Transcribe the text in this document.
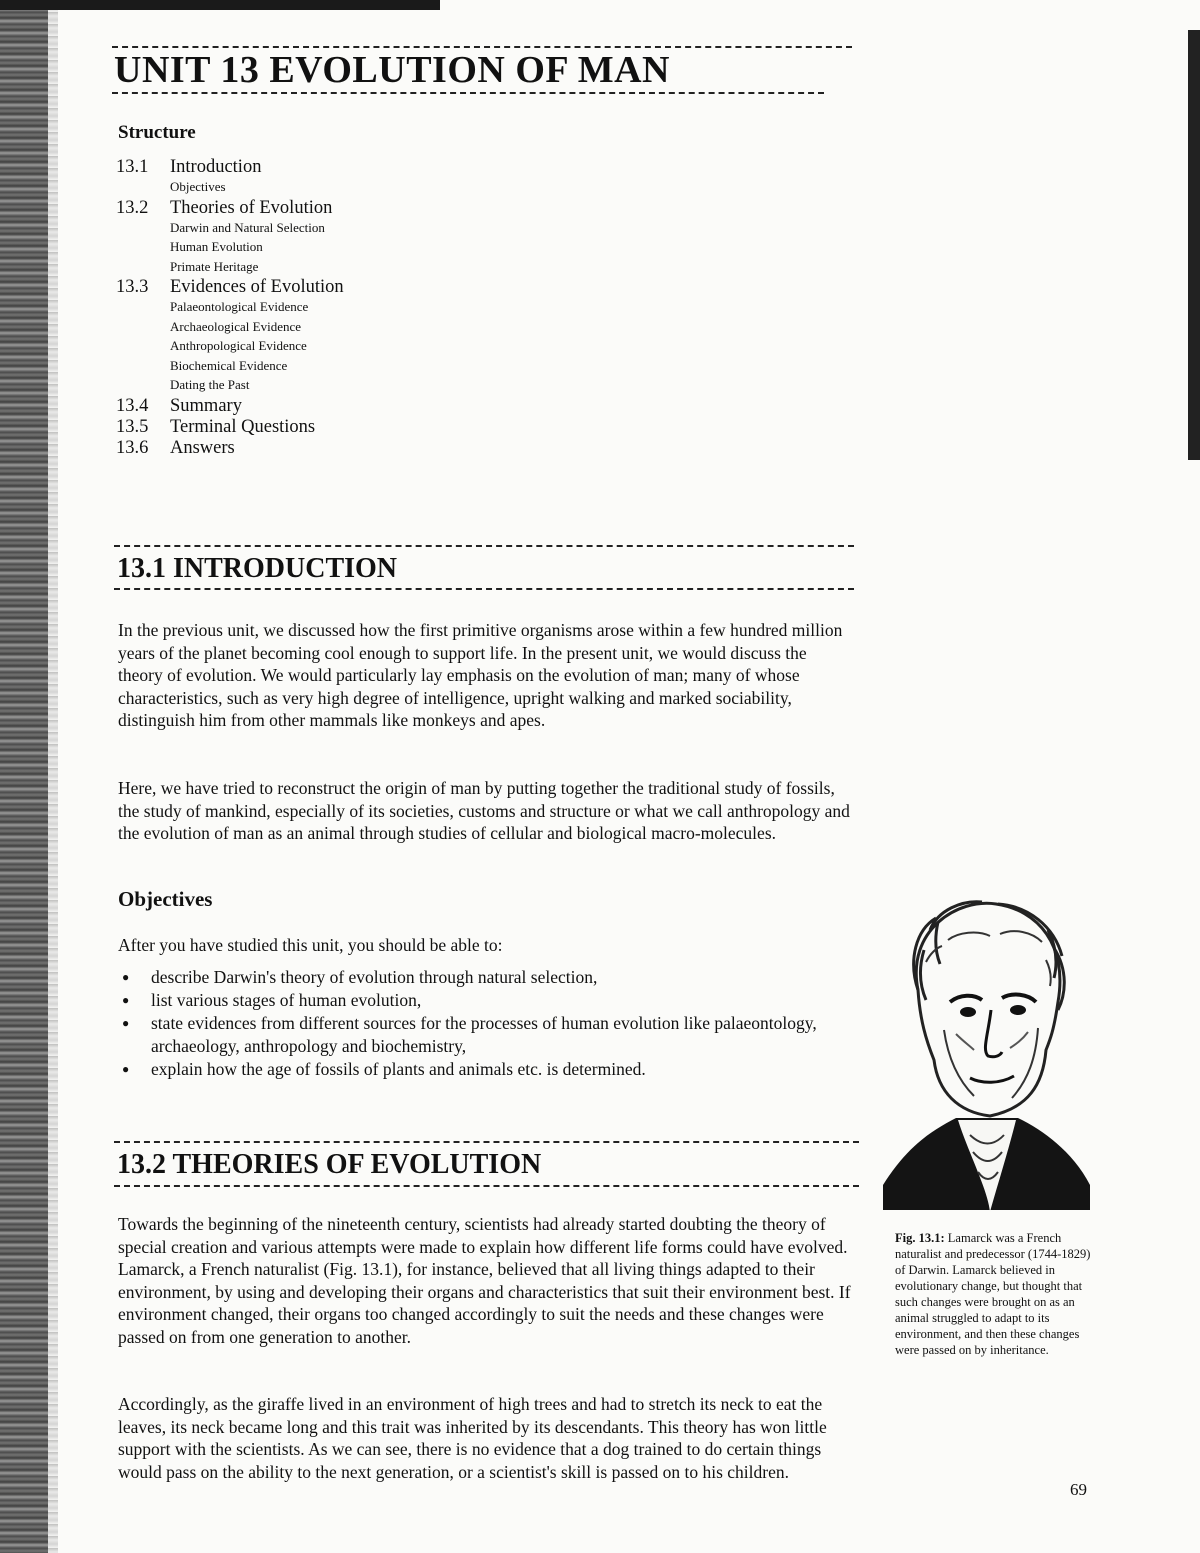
UNIT 13 EVOLUTION OF MAN
Structure
13.1	Introduction
Objectives
13.2	Theories of Evolution
Darwin and Natural Selection
Human Evolution
Primate Heritage
13.3	Evidences of Evolution
Palaeontological Evidence
Archaeological Evidence
Anthropological Evidence
Biochemical Evidence
Dating the Past
13.4	Summary
13.5	Terminal Questions
13.6	Answers
13.1 INTRODUCTION

In the previous unit, we discussed how the first primitive organisms arose within a few hundred million years of the planet becoming cool enough to support life. In the present unit, we would discuss the theory of evolution. We would particularly lay emphasis on the evolution of man; many of whose characteristics, such as very high degree of intelligence, upright walking and marked sociability, distinguish him from other mammals like monkeys and apes.

Here, we have tried to reconstruct the origin of man by putting together the traditional study of fossils, the study of mankind, especially of its societies, customs and structure or what we call anthropology and the evolution of man as an animal through studies of cellular and biological macro-molecules.

Objectives

After you have studied this unit, you should be able to:

● describe Darwin's theory of evolution through natural selection,
● list various stages of human evolution,
● state evidences from different sources for the processes of human evolution like palaeontology, archaeology, anthropology and biochemistry,
● explain how the age of fossils of plants and animals etc. is determined.

Fig. 13.1: Lamarck was a French naturalist and predecessor (1744-1829) of Darwin. Lamarck believed in evolutionary change, but thought that such changes were brought on as an animal struggled to adapt to its environment, and then these changes were passed on by inheritance.

13.2 THEORIES OF EVOLUTION

Towards the beginning of the nineteenth century, scientists had already started doubting the theory of special creation and various attempts were made to explain how different life forms could have evolved. Lamarck, a French naturalist (Fig. 13.1), for instance, believed that all living things adapted to their environment, by using and developing their organs and characteristics that suit their environment best. If environment changed, their organs too changed accordingly to suit the needs and these changes were passed on from one generation to another.

Accordingly, as the giraffe lived in an environment of high trees and had to stretch its neck to eat the leaves, its neck became long and this trait was inherited by its descendants. This theory has won little support with the scientists. As we can see, there is no evidence that a dog trained to do certain things would pass on the ability to the next generation, or a scientist's skill is passed on to his children.

69
